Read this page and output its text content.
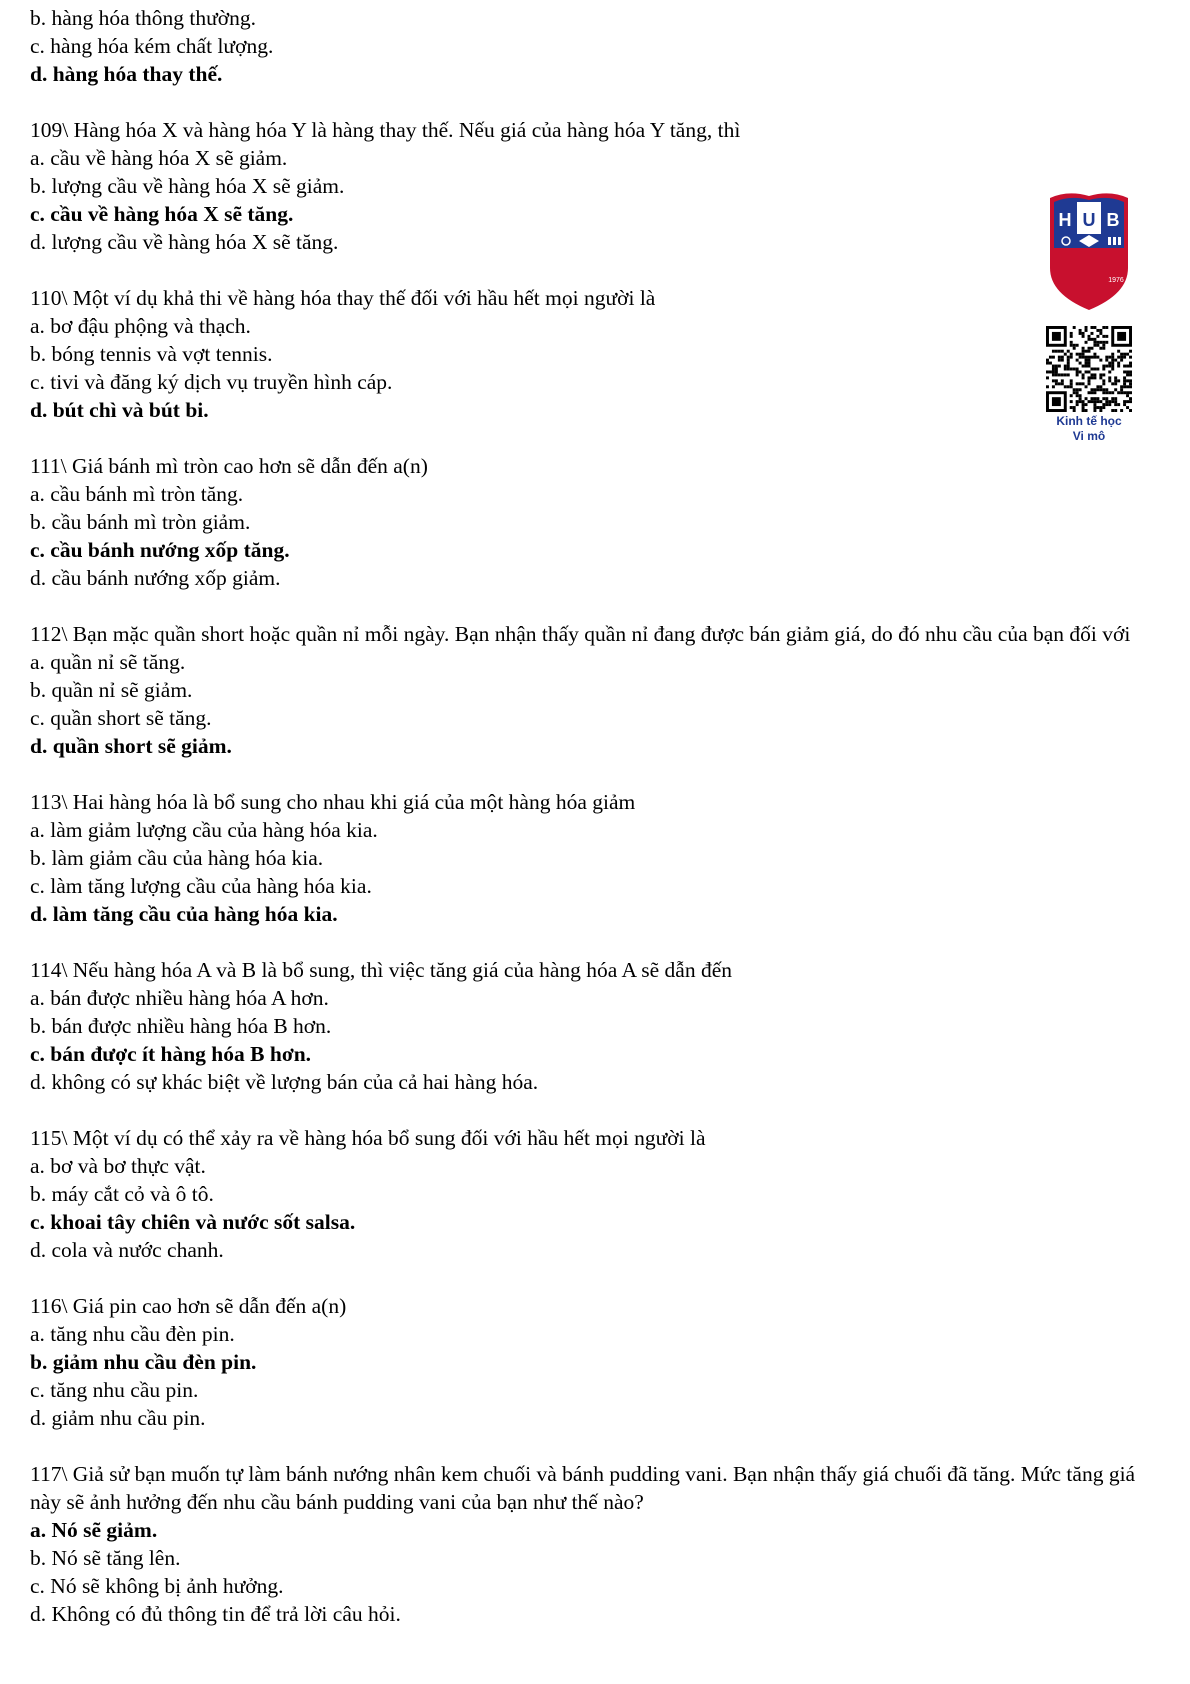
b. hàng hóa thông thường.
c. hàng hóa kém chất lượng.
d. hàng hóa thay thế.
109\ Hàng hóa X và hàng hóa Y là hàng thay thế. Nếu giá của hàng hóa Y tăng, thì
a. cầu về hàng hóa X sẽ giảm.
b. lượng cầu về hàng hóa X sẽ giảm.
c. cầu về hàng hóa X sẽ tăng.
d. lượng cầu về hàng hóa X sẽ tăng.
110\ Một ví dụ khả thi về hàng hóa thay thế đối với hầu hết mọi người là
a. bơ đậu phộng và thạch.
b. bóng tennis và vợt tennis.
c. tivi và đăng ký dịch vụ truyền hình cáp.
d. bút chì và bút bi.
111\ Giá bánh mì tròn cao hơn sẽ dẫn đến a(n)
a. cầu bánh mì tròn tăng.
b. cầu bánh mì tròn giảm.
c. cầu bánh nướng xốp tăng.
d. cầu bánh nướng xốp giảm.
112\ Bạn mặc quần short hoặc quần nỉ mỗi ngày. Bạn nhận thấy quần nỉ đang được bán giảm giá, do đó nhu cầu của bạn đối với
a. quần nỉ sẽ tăng.
b. quần nỉ sẽ giảm.
c. quần short sẽ tăng.
d. quần short sẽ giảm.
113\ Hai hàng hóa là bổ sung cho nhau khi giá của một hàng hóa giảm
a. làm giảm lượng cầu của hàng hóa kia.
b. làm giảm cầu của hàng hóa kia.
c. làm tăng lượng cầu của hàng hóa kia.
d. làm tăng cầu của hàng hóa kia.
114\ Nếu hàng hóa A và B là bổ sung, thì việc tăng giá của hàng hóa A sẽ dẫn đến
a. bán được nhiều hàng hóa A hơn.
b. bán được nhiều hàng hóa B hơn.
c. bán được ít hàng hóa B hơn.
d. không có sự khác biệt về lượng bán của cả hai hàng hóa.
115\ Một ví dụ có thể xảy ra về hàng hóa bổ sung đối với hầu hết mọi người là
a. bơ và bơ thực vật.
b. máy cắt cỏ và ô tô.
c. khoai tây chiên và nước sốt salsa.
d. cola và nước chanh.
116\ Giá pin cao hơn sẽ dẫn đến a(n)
a. tăng nhu cầu đèn pin.
b. giảm nhu cầu đèn pin.
c. tăng nhu cầu pin.
d. giảm nhu cầu pin.
117\ Giả sử bạn muốn tự làm bánh nướng nhân kem chuối và bánh pudding vani. Bạn nhận thấy giá chuối đã tăng. Mức tăng giá này sẽ ảnh hưởng đến nhu cầu bánh pudding vani của bạn như thế nào?
a. Nó sẽ giảm.
b. Nó sẽ tăng lên.
c. Nó sẽ không bị ảnh hưởng.
d. Không có đủ thông tin để trả lời câu hỏi.
H U B
1976
Kinh tế học
Vi mô
